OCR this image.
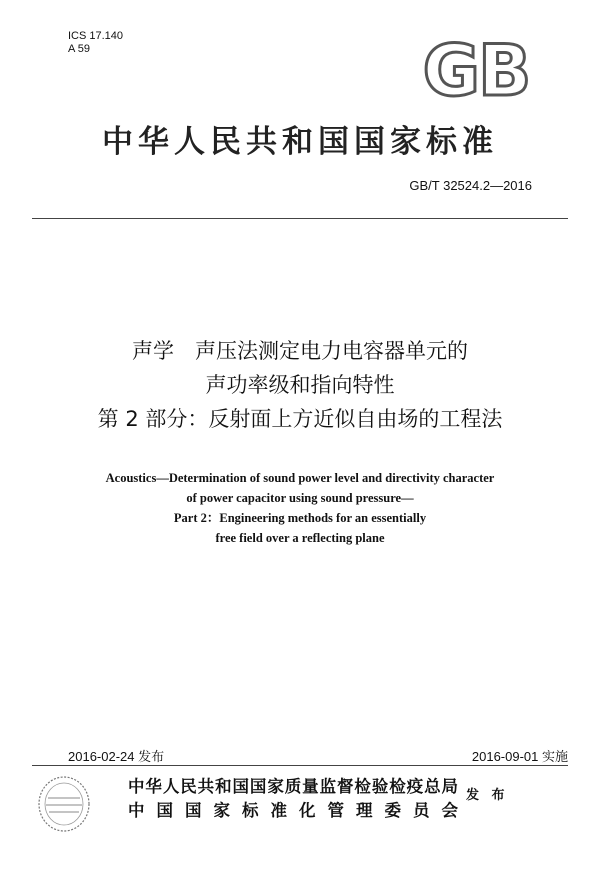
ICS 17.140
A 59	GB
中华人民共和国国家标准
GB/T 32524.2—2016
声学　声压法测定电力电容器单元的
声功率级和指向特性
第 2 部分：反射面上方近似自由场的工程法
Acoustics—Determination of sound power level and directivity character
of power capacitor using sound pressure—
Part 2：Engineering methods for an essentially
free field over a reflecting plane
2016-02-24 发布	2016-09-01 实施
中华人民共和国国家质量监督检验检疫总局
中国国家标准化管理委员会
发 布
